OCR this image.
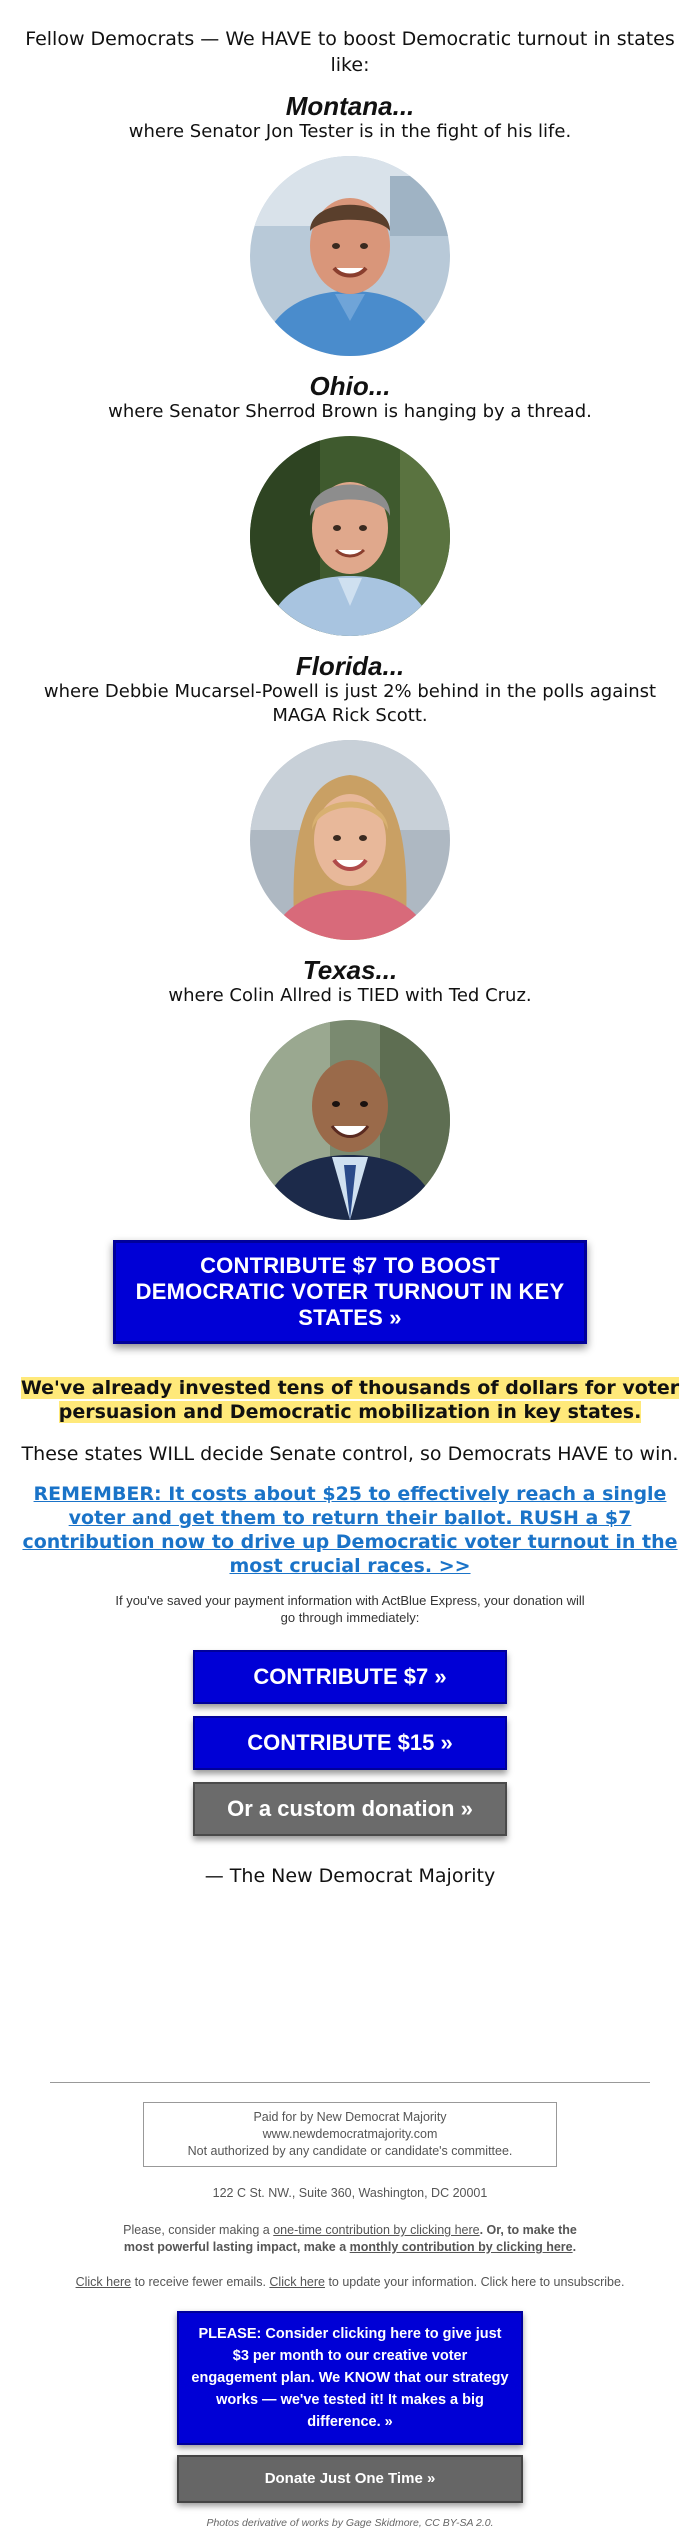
Fellow Democrats — We HAVE to boost Democratic turnout in states like:

Montana...

where Senator Jon Tester is in the fight of his life.

Ohio...

where Senator Sherrod Brown is hanging by a thread.

Florida...

where Debbie Mucarsel-Powell is just 2% behind in the polls against MAGA Rick Scott.

Texas...

where Colin Allred is TIED with Ted Cruz.

CONTRIBUTE $7 TO BOOST DEMOCRATIC VOTER TURNOUT IN KEY STATES »

We've already invested tens of thousands of dollars for voter persuasion and Democratic mobilization in key states.

These states WILL decide Senate control, so Democrats HAVE to win.

REMEMBER: It costs about $25 to effectively reach a single voter and get them to return their ballot. RUSH a $7 contribution now to drive up Democratic voter turnout in the most crucial races. >>

If you've saved your payment information with ActBlue Express, your donation will go through immediately:

CONTRIBUTE $7 »
CONTRIBUTE $15 »
Or a custom donation »

— The New Democrat Majority

Paid for by New Democrat Majority
www.newdemocratmajority.com
Not authorized by any candidate or candidate's committee.
122 C St. NW., Suite 360, Washington, DC 20001
Please, consider making a one-time contribution by clicking here. Or, to make the most powerful lasting impact, make a monthly contribution by clicking here.
Click here to receive fewer emails. Click here to update your information. Click here to unsubscribe.
PLEASE: Consider clicking here to give just $3 per month to our creative voter engagement plan. We KNOW that our strategy works — we've tested it! It makes a big difference. »
Donate Just One Time »
Photos derivative of works by Gage Skidmore, CC BY-SA 2.0.
